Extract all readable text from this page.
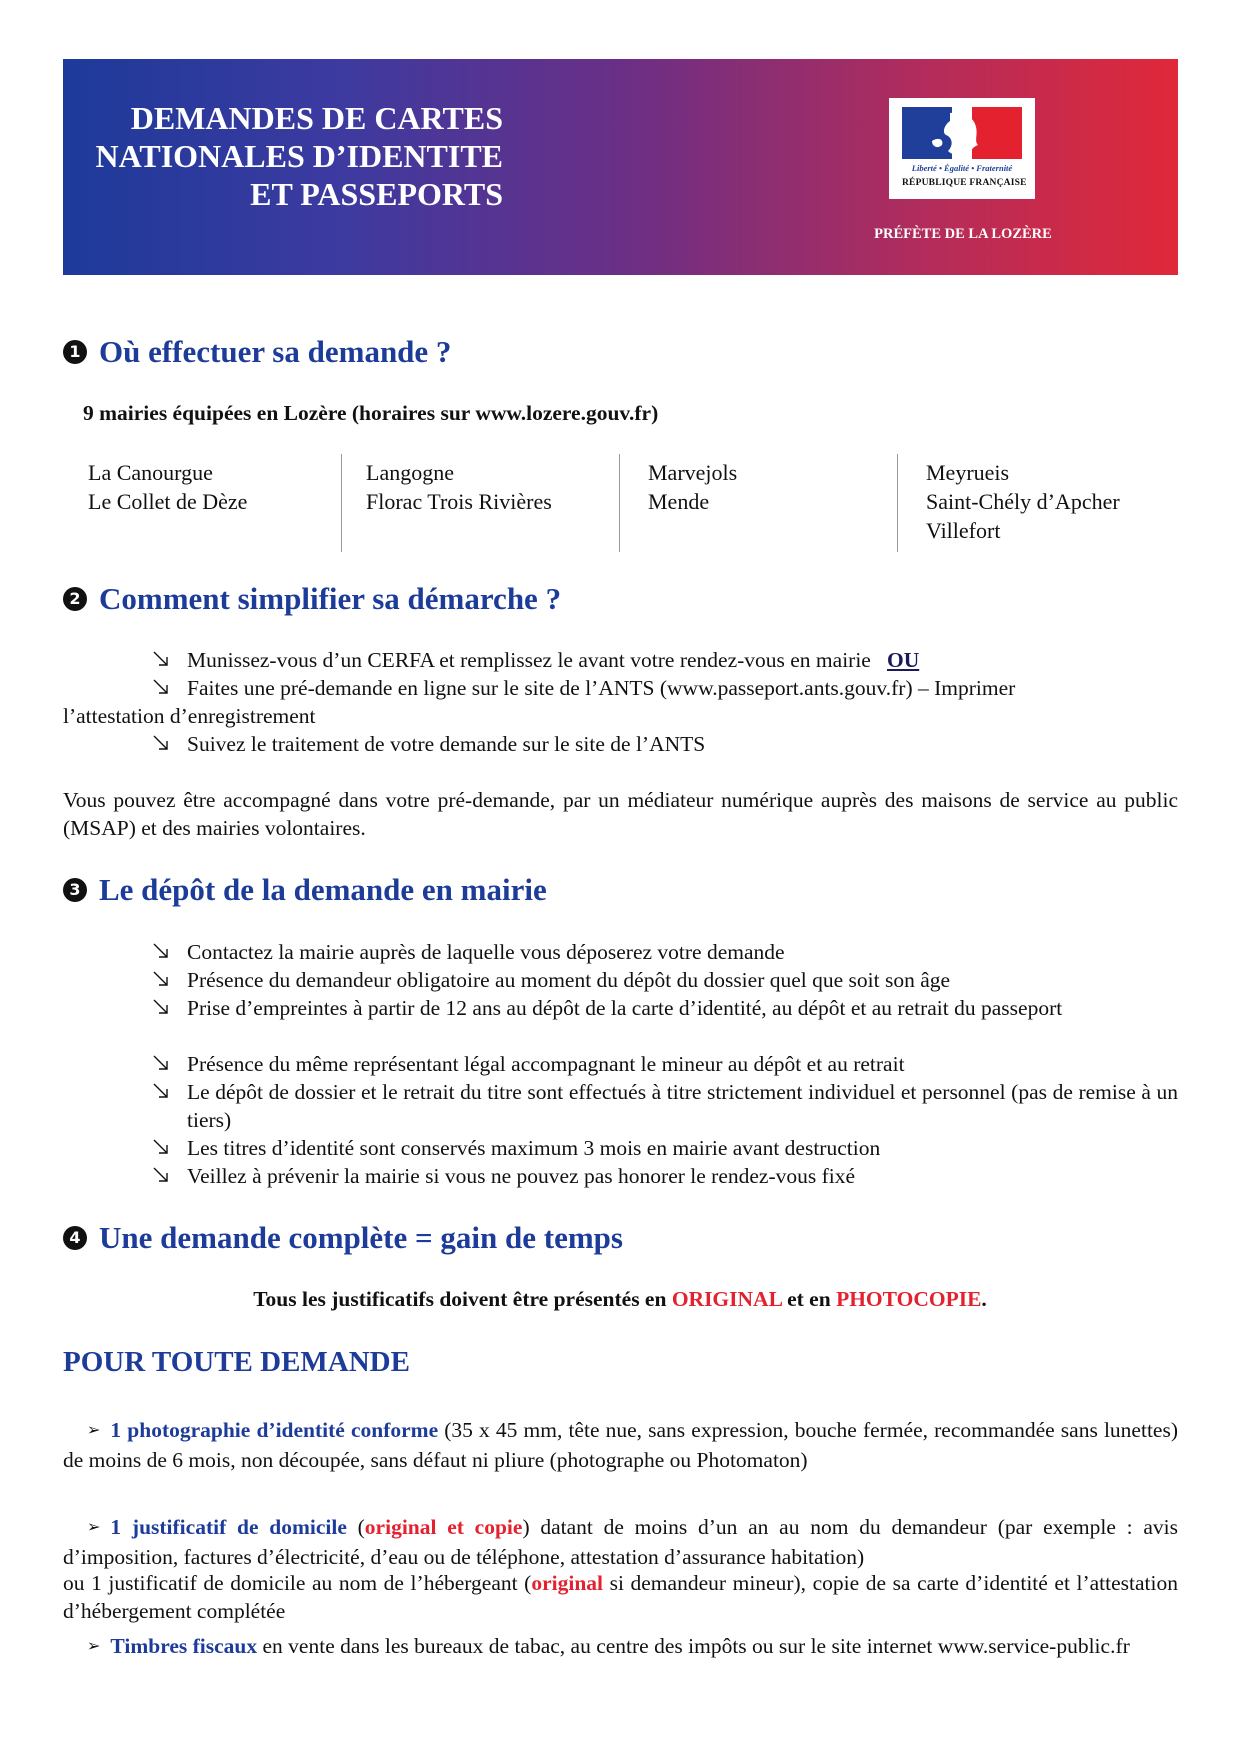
DEMANDES DE CARTES
NATIONALES D’IDENTITE
ET PASSEPORTS
Liberté • Égalité • Fraternité
RÉPUBLIQUE FRANÇAISE
PRÉFÈTE DE LA LOZÈRE
1 Où effectuer sa demande ?
9 mairies équipées en Lozère (horaires sur www.lozere.gouv.fr)
La Canourgue
Le Collet de Dèze
Langogne
Florac Trois Rivières
Marvejols
Mende
Meyrueis
Saint-Chély d’Apcher
Villefort
2 Comment simplifier sa démarche ?
Munissez-vous d’un CERFA et remplissez le avant votre rendez-vous en mairie OU
Faites une pré-demande en ligne sur le site de l’ANTS (www.passeport.ants.gouv.fr) – Imprimer
l’attestation d’enregistrement
Suivez le traitement de votre demande sur le site de l’ANTS
Vous pouvez être accompagné dans votre pré-demande, par un médiateur numérique auprès des maisons de service au public (MSAP) et des mairies volontaires.
3 Le dépôt de la demande en mairie
Contactez la mairie auprès de laquelle vous déposerez votre demande
Présence du demandeur obligatoire au moment du dépôt du dossier quel que soit son âge
Prise d’empreintes à partir de 12 ans au dépôt de la carte d’identité, au dépôt et au retrait du passeport
Présence du même représentant légal accompagnant le mineur au dépôt et au retrait
Le dépôt de dossier et le retrait du titre sont effectués à titre strictement individuel et personnel (pas de remise à un tiers)
Les titres d’identité sont conservés maximum 3 mois en mairie avant destruction
Veillez à prévenir la mairie si vous ne pouvez pas honorer le rendez-vous fixé
4 Une demande complète = gain de temps
Tous les justificatifs doivent être présentés en ORIGINAL et en PHOTOCOPIE.
POUR TOUTE DEMANDE
➢ 1 photographie d’identité conforme (35 x 45 mm, tête nue, sans expression, bouche fermée, recommandée sans lunettes) de moins de 6 mois, non découpée, sans défaut ni pliure (photographe ou Photomaton)
➢ 1 justificatif de domicile (original et copie) datant de moins d’un an au nom du demandeur (par exemple : avis d’imposition, factures d’électricité, d’eau ou de téléphone, attestation d’assurance habitation)
ou 1 justificatif de domicile au nom de l’hébergeant (original si demandeur mineur), copie de sa carte d’identité et l’attestation d’hébergement complétée
➢ Timbres fiscaux en vente dans les bureaux de tabac, au centre des impôts ou sur le site internet www.service-public.fr
